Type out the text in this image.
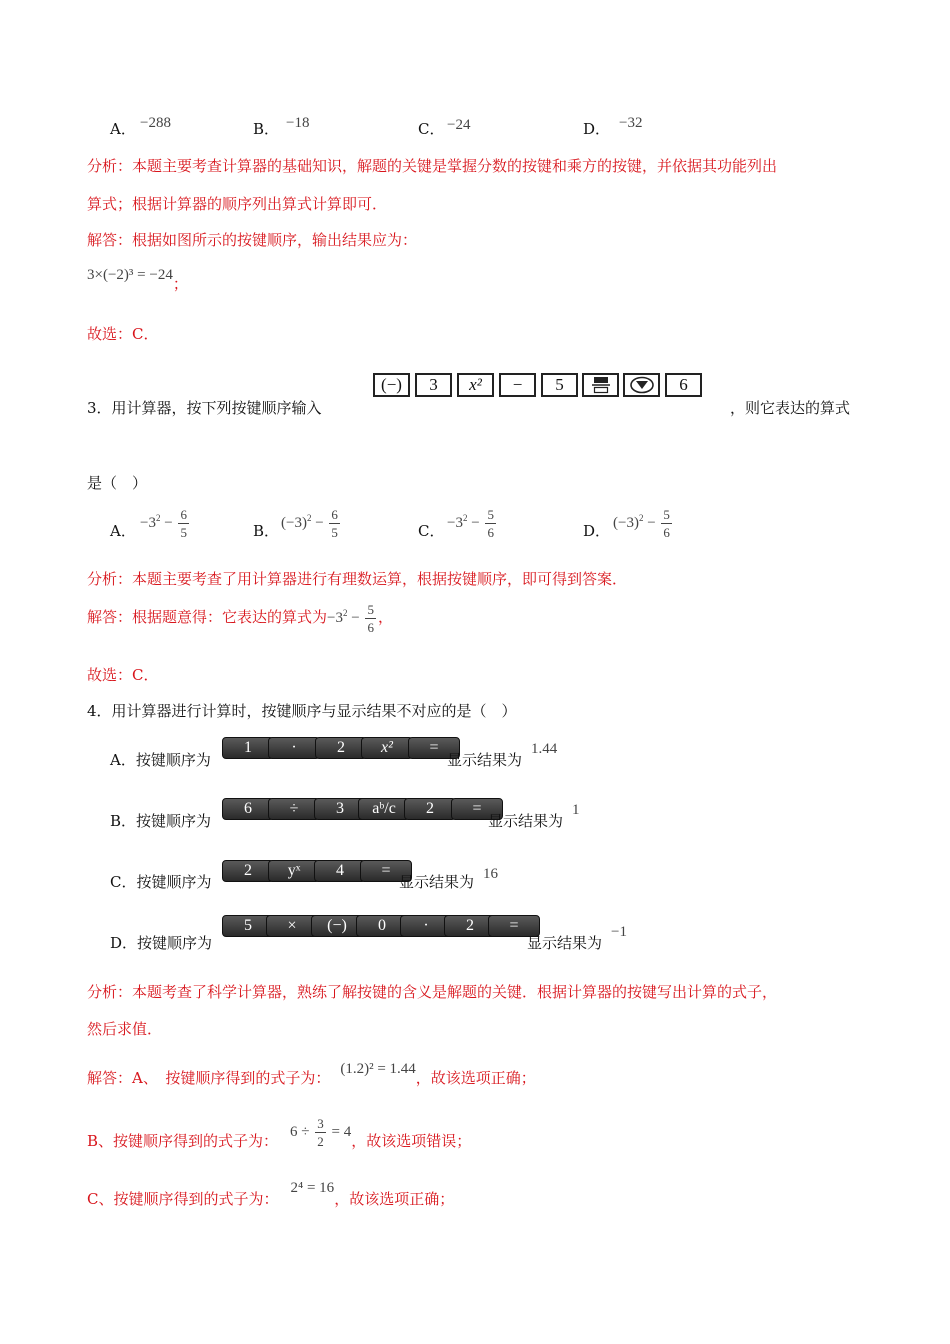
A． −288	B． −18	C． −24	D． −32
分析：本题主要考查计算器的基础知识，解题的关键是掌握分数的按键和乘方的按键，并依据其功能列出
算式；根据计算器的顺序列出算式计算即可．
解答：根据如图所示的按键顺序，输出结果应为：
3×(−2)³ = −24；
故选：C．
3．用计算器，按下列按键顺序输入
(−)	3	x²	−	5	6
，则它表达的算式
是（　）
A． $-3^2 - \frac{6}{5}$	B． $(-3)^2 - \frac{6}{5}$	C． $-3^2 - \frac{5}{6}$	D． $(-3)^2 - \frac{5}{6}$
分析：本题主要考查了用计算器进行有理数运算，根据按键顺序，即可得到答案．
解答：根据题意得：它表达的算式为$-3^2 - \frac{5}{6}$ ，
故选：C．
4．用计算器进行计算时，按键顺序与显示结果不对应的是（　）
A．按键顺序为
1	·	2	x²	=
显示结果为
1.44
B．按键顺序为
6	÷	3	aᵇ/c	2	=
显示结果为
1
C．按键顺序为
2	yˣ	4	=
显示结果为 16
D．按键顺序为
5	×	(−)	0	·	2	=
显示结果为
−1
分析：本题考查了科学计算器，熟练了解按键的含义是解题的关键．根据计算器的按键写出计算的式子，
然后求值．
解答：A、　按键顺序得到的式子为： (1.2)² = 1.44，故该选项正确；
B、按键顺序得到的式子为： $6 \div \frac{3}{2} = 4$，故该选项错误；
C、按键顺序得到的式子为：2⁴ = 16，故该选项正确；
